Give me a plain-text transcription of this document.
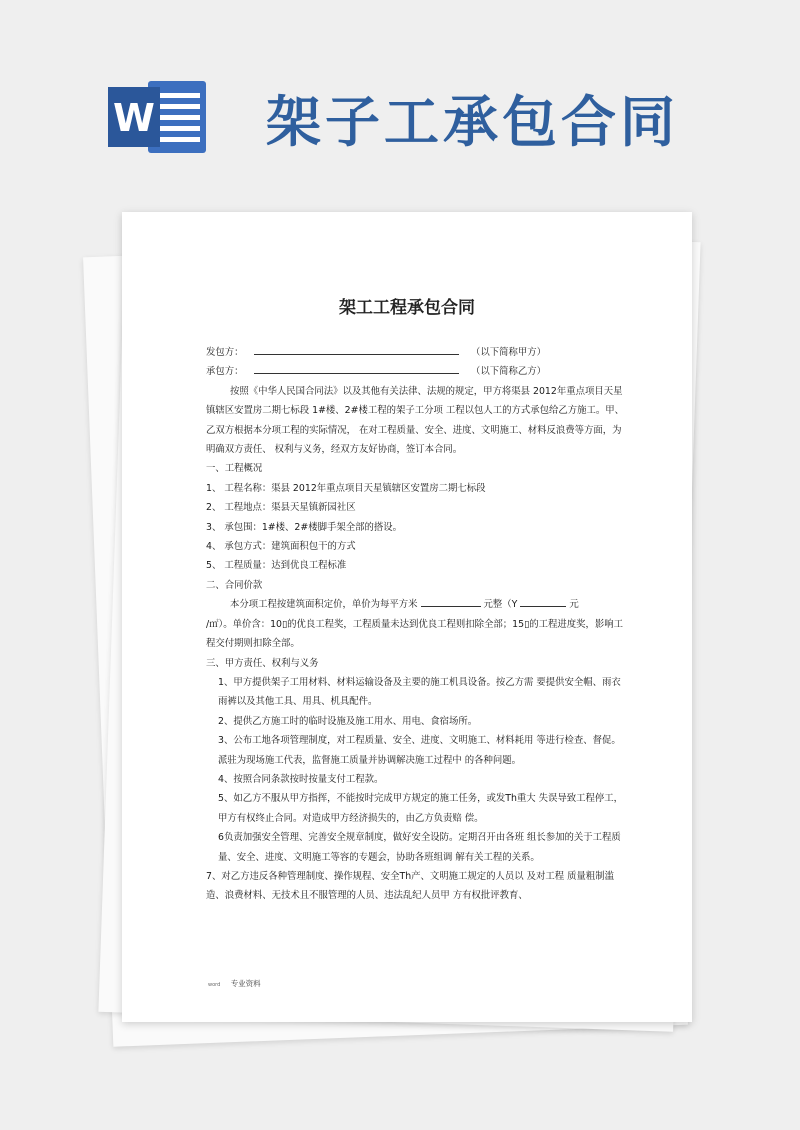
W 架子工承包合同
架工工程承包合同

发包方：	（以下简称甲方）

承包方：	（以下简称乙方）

按照《中华人民国合同法》以及其他有关法律、法规的规定，甲方将渠县 2012年重点项目天星镇辖区安置房二期七标段 1#楼、2#楼工程的架子工分项 工程以包人工的方式承包给乙方施工。甲、乙双方根据本分项工程的实际情况， 在对工程质量、安全、进度、文明施工、材料反浪费等方面，为明确双方责任、 权利与义务，经双方友好协商，签订本合同。

一、工程概况

1、 工程名称：渠县 2012年重点项目天星镇辖区安置房二期七标段

2、 工程地点：渠县天星镇新园社区

3、 承包围：1#楼、2#楼脚手架全部的搭设。

4、 承包方式：建筑面积包干的方式

5、 工程质量：达到优良工程标准

二、合同价款

本分项工程按建筑面积定价，单价为每平方米	元整（Y	元

/㎡）。单价含：10▯的优良工程奖，工程质量未达到优良工程则扣除全部；15▯的工程进度奖，影响工程交付期则扣除全部。

三、甲方责任、权利与义务

1、甲方提供架子工用材料、材料运输设备及主要的施工机具设备。按乙方需 要提供安全帽、雨衣雨裤以及其他工具、用具、机具配件。

2、提供乙方施工时的临时设施及施工用水、用电、食宿场所。

3、公布工地各项管理制度，对工程质量、安全、进度、文明施工、材料耗用 等进行检查、督促。派驻为现场施工代表，监督施工质量并协调解决施工过程中 的各种问题。

4、按照合同条款按时按量支付工程款。

5、如乙方不服从甲方指挥，不能按时完成甲方规定的施工任务，或发Th重大 失误导致工程停工，甲方有权终止合同。对造成甲方经济损失的，由乙方负责赔 偿。

6负责加强安全管理、完善安全规章制度，做好安全设防。定期召开由各班 组长参加的关于工程质量、安全、进度、文明施工等容的专题会，协助各班组调 解有关工程的关系。

7、对乙方违反各种管理制度、操作规程、安全Th产、文明施工规定的人员以 及对工程 质量粗制滥造、浪费材料、无技术且不服管理的人员、违法乱纪人员甲 方有权批评教育、

word 专业资料
